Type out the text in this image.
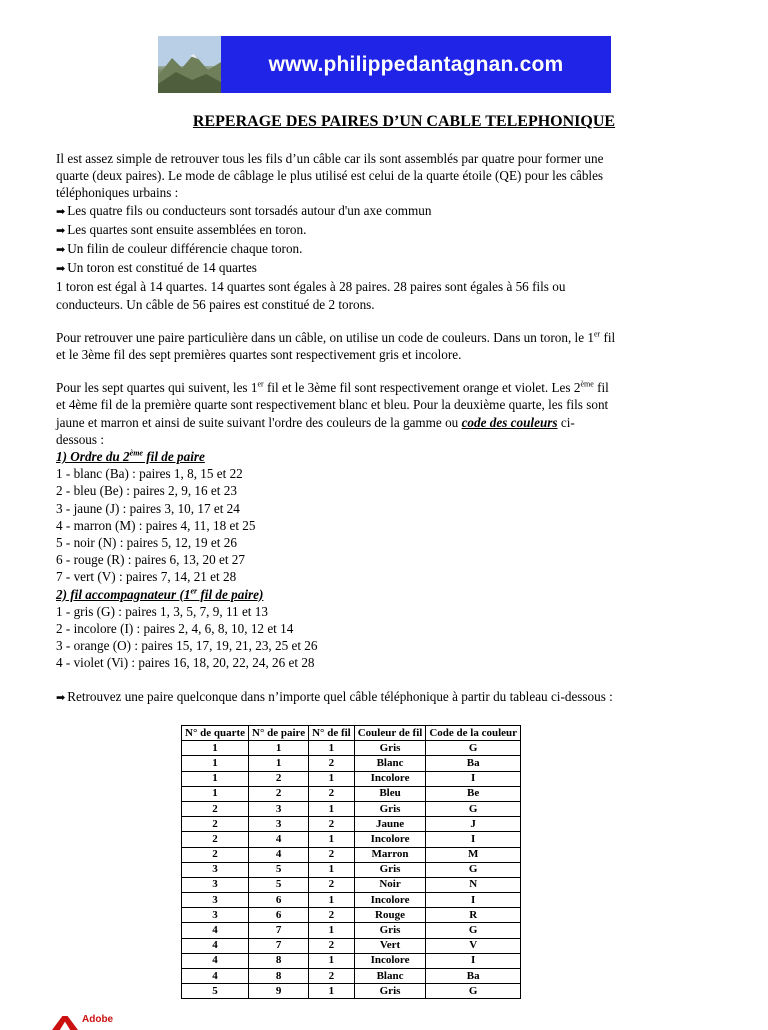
www.philippedantagnan.com
REPERAGE DES PAIRES D’UN CABLE TELEPHONIQUE

Il est assez simple de retrouver tous les fils d’un câble car ils sont assemblés par quatre pour former une

quarte (deux paires). Le mode de câblage le plus utilisé est celui de la quarte étoile (QE) pour les câbles

téléphoniques urbains :

➡ Les quatre fils ou conducteurs sont torsadés autour d'un axe commun

➡ Les quartes sont ensuite assemblées en toron.

➡ Un filin de couleur différencie chaque toron.

➡ Un toron est constitué de 14 quartes

1 toron est égal à 14 quartes. 14 quartes sont égales à 28 paires. 28 paires sont égales à 56 fils ou

conducteurs. Un câble de 56 paires est constitué de 2 torons.

Pour retrouver une paire particulière dans un câble, on utilise un code de couleurs. Dans un toron, le 1er fil

et le 3ème fil des sept premières quartes sont respectivement gris et incolore.

Pour les sept quartes qui suivent, les 1er fil et le 3ème fil sont respectivement orange et violet. Les 2ème fil

et 4ème fil de la première quarte sont respectivement blanc et bleu. Pour la deuxième quarte, les fils sont

jaune et marron et ainsi de suite suivant l'ordre des couleurs de la gamme ou code des couleurs ci-

dessous :

1) Ordre du 2ème fil de paire

1 - blanc (Ba) : paires 1, 8, 15 et 22

2 - bleu (Be) : paires 2, 9, 16 et 23

3 - jaune (J) : paires 3, 10, 17 et 24

4 - marron (M) : paires 4, 11, 18 et 25

5 - noir (N) : paires 5, 12, 19 et 26

6 - rouge (R) : paires 6, 13, 20 et 27

7 - vert (V) : paires 7, 14, 21 et 28

2) fil accompagnateur (1er fil de paire)

1 - gris (G) : paires 1, 3, 5, 7, 9, 11 et 13

2 - incolore (I) : paires 2, 4, 6, 8, 10, 12 et 14

3 - orange (O) : paires 15, 17, 19, 21, 23, 25 et 26

4 - violet (Vi) : paires 16, 18, 20, 22, 24, 26 et 28

➡ Retrouvez une paire quelconque dans n’importe quel câble téléphonique à partir du tableau ci-dessous :

N° de quarte	N° de paire	N° de fil	Couleur de fil	Code de la couleur
1	1	1	Gris	G
1	1	2	Blanc	Ba
1	2	1	Incolore	I
1	2	2	Bleu	Be
2	3	1	Gris	G
2	3	2	Jaune	J
2	4	1	Incolore	I
2	4	2	Marron	M
3	5	1	Gris	G
3	5	2	Noir	N
3	6	1	Incolore	I
3	6	2	Rouge	R
4	7	1	Gris	G
4	7	2	Vert	V
4	8	1	Incolore	I
4	8	2	Blanc	Ba
5	9	1	Gris	G
Adobe
